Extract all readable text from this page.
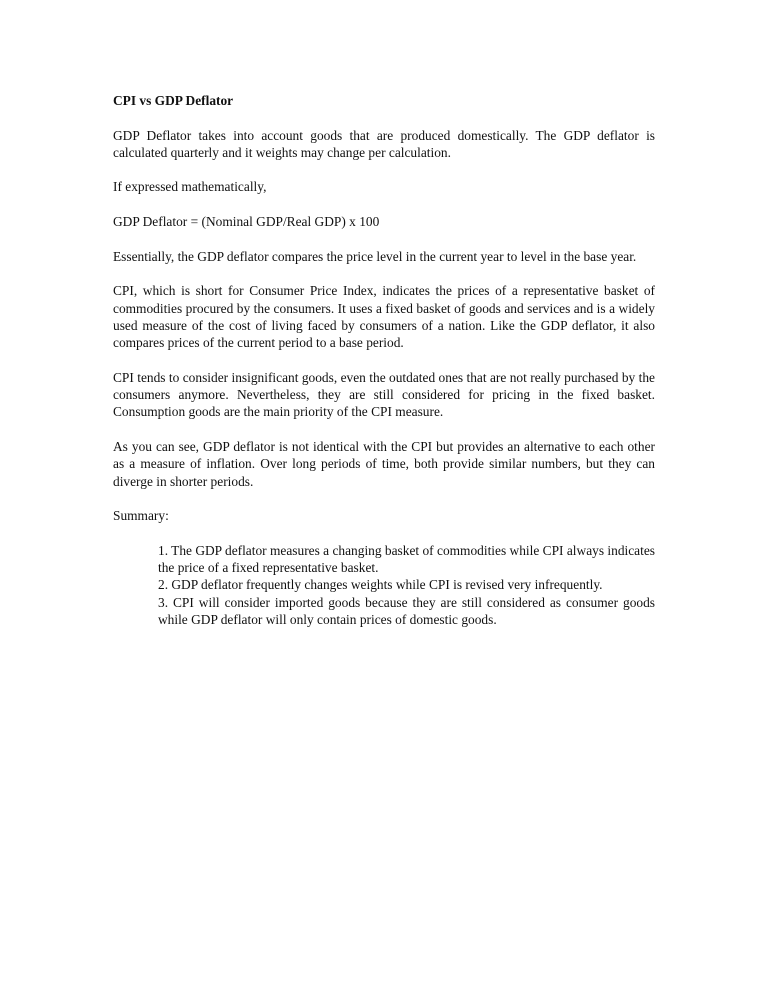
CPI vs GDP Deflator

GDP Deflator takes into account goods that are produced domestically. The GDP deflator is calculated quarterly and it weights may change per calculation.

If expressed mathematically,

GDP Deflator = (Nominal GDP/Real GDP) x 100

Essentially, the GDP deflator compares the price level in the current year to level in the base year.

CPI, which is short for Consumer Price Index, indicates the prices of a representative basket of commodities procured by the consumers. It uses a fixed basket of goods and services and is a widely used measure of the cost of living faced by consumers of a nation. Like the GDP deflator, it also compares prices of the current period to a base period.

CPI tends to consider insignificant goods, even the outdated ones that are not really purchased by the consumers anymore. Nevertheless, they are still considered for pricing in the fixed basket. Consumption goods are the main priority of the CPI measure.

As you can see, GDP deflator is not identical with the CPI but provides an alternative to each other as a measure of inflation. Over long periods of time, both provide similar numbers, but they can diverge in shorter periods.

Summary:

1. The GDP deflator measures a changing basket of commodities while CPI always indicates the price of a fixed representative basket.
2. GDP deflator frequently changes weights while CPI is revised very infrequently.
3. CPI will consider imported goods because they are still considered as consumer goods while GDP deflator will only contain prices of domestic goods.
